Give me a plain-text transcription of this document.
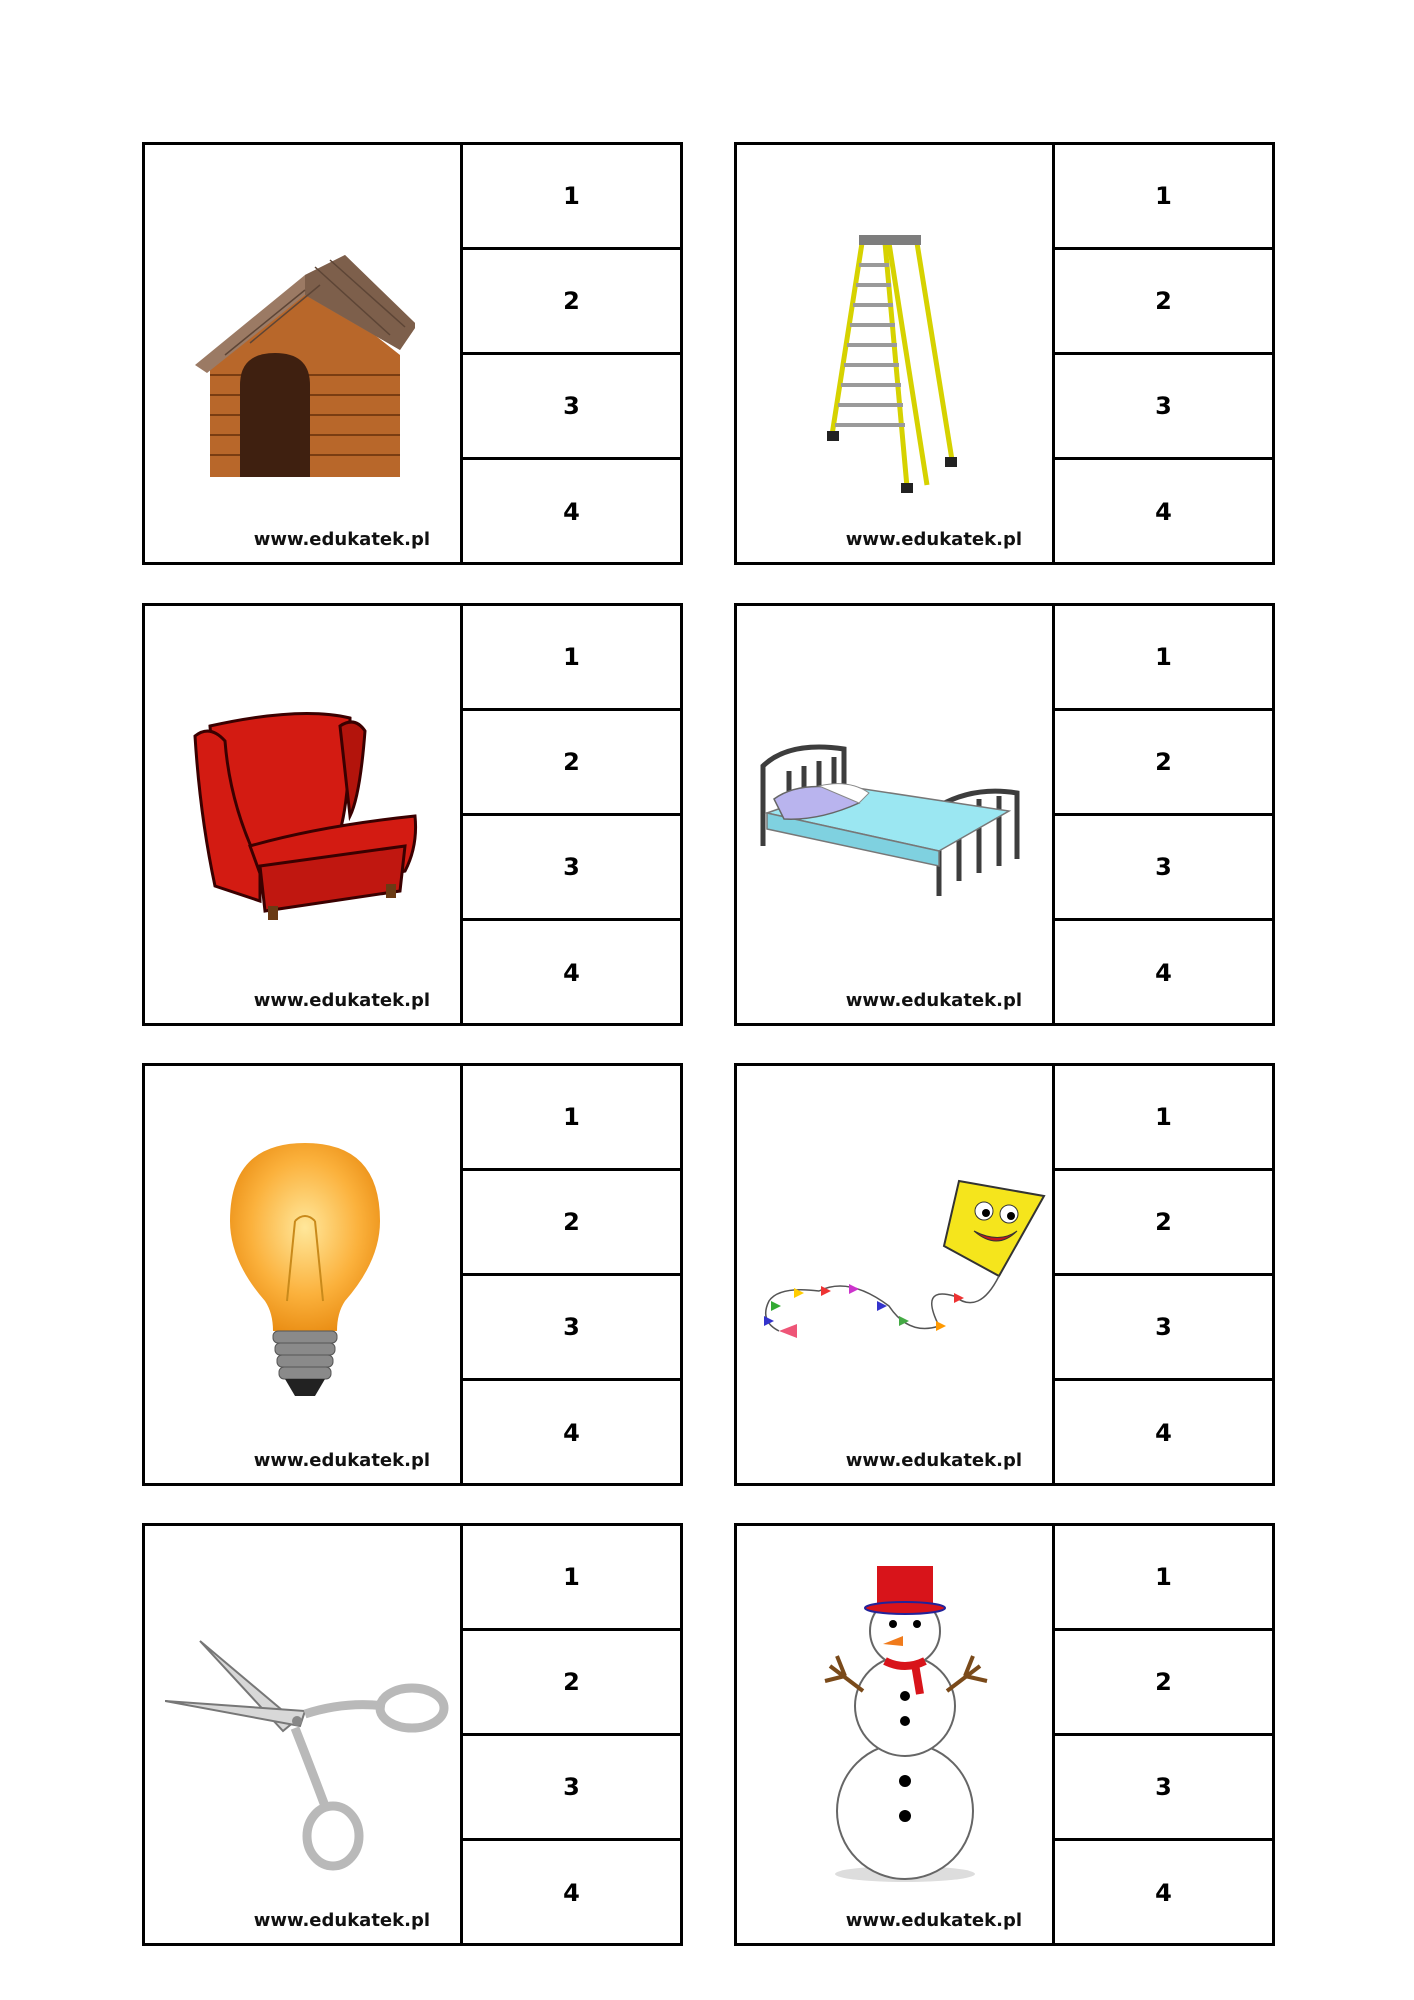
www.edukatek.pl
1
2
3
4
www.edukatek.pl
1
2
3
4
www.edukatek.pl
1
2
3
4
www.edukatek.pl
1
2
3
4
www.edukatek.pl
1
2
3
4
www.edukatek.pl
1
2
3
4
www.edukatek.pl
1
2
3
4
www.edukatek.pl
1
2
3
4
